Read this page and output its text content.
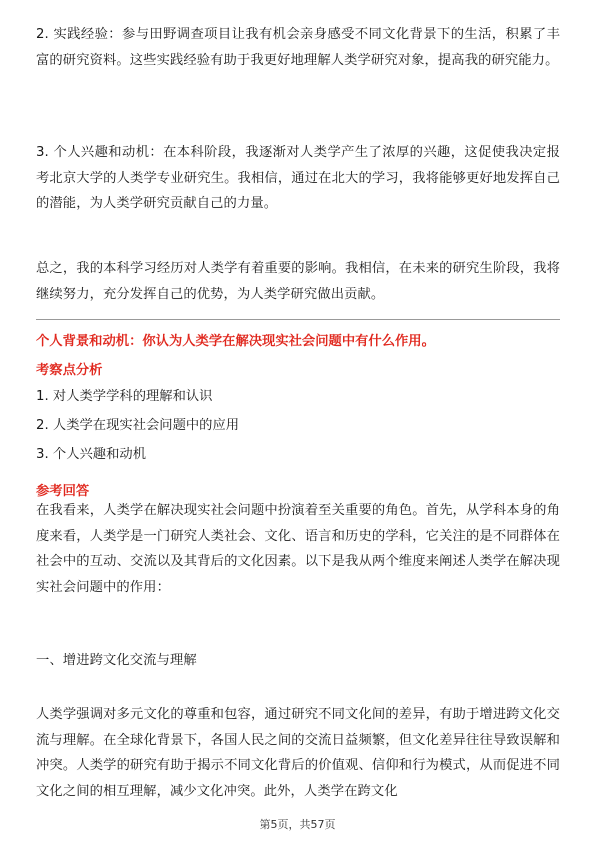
2. 实践经验：参与田野调查项目让我有机会亲身感受不同文化背景下的生活，积累了丰富的研究资料。这些实践经验有助于我更好地理解人类学研究对象，提高我的研究能力。

3. 个人兴趣和动机：在本科阶段，我逐渐对人类学产生了浓厚的兴趣，这促使我决定报考北京大学的人类学专业研究生。我相信，通过在北大的学习，我将能够更好地发挥自己的潜能，为人类学研究贡献自己的力量。

总之，我的本科学习经历对人类学有着重要的影响。我相信，在未来的研究生阶段，我将继续努力，充分发挥自己的优势，为人类学研究做出贡献。

个人背景和动机：你认为人类学在解决现实社会问题中有什么作用。

考察点分析

1. 对人类学学科的理解和认识

2. 人类学在现实社会问题中的应用

3. 个人兴趣和动机

参考回答

在我看来，人类学在解决现实社会问题中扮演着至关重要的角色。首先，从学科本身的角度来看，人类学是一门研究人类社会、文化、语言和历史的学科，它关注的是不同群体在社会中的互动、交流以及其背后的文化因素。以下是我从两个维度来阐述人类学在解决现实社会问题中的作用：

一、增进跨文化交流与理解

人类学强调对多元文化的尊重和包容，通过研究不同文化间的差异，有助于增进跨文化交流与理解。在全球化背景下，各国人民之间的交流日益频繁，但文化差异往往导致误解和冲突。人类学的研究有助于揭示不同文化背后的价值观、信仰和行为模式，从而促进不同文化之间的相互理解，减少文化冲突。此外，人类学在跨文化

第5页，共57页
